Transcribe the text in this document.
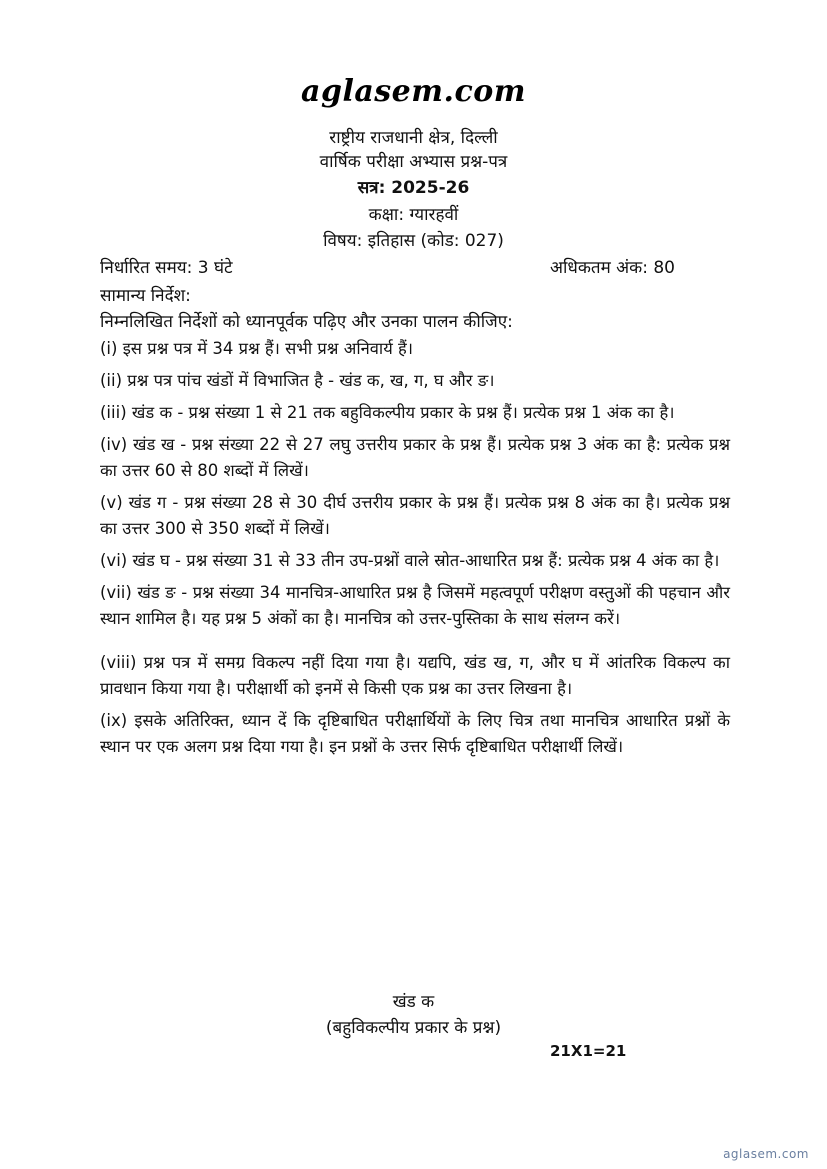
aglasem.com
राष्ट्रीय राजधानी क्षेत्र, दिल्ली
वार्षिक परीक्षा अभ्यास प्रश्न-पत्र
सत्र: 2025-26
कक्षा: ग्यारहवीं
विषय: इतिहास (कोड: 027)
निर्धारित समय: 3 घंटे	अधिकतम अंक: 80
सामान्य निर्देश:
निम्नलिखित निर्देशों को ध्यानपूर्वक पढ़िए और उनका पालन कीजिए:

(i) इस प्रश्न पत्र में 34 प्रश्न हैं। सभी प्रश्न अनिवार्य हैं।

(ii) प्रश्न पत्र पांच खंडों में विभाजित है - खंड क, ख, ग, घ और ङ।

(iii) खंड क - प्रश्न संख्या 1 से 21 तक बहुविकल्पीय प्रकार के प्रश्न हैं। प्रत्येक प्रश्न 1 अंक का है।

(iv) खंड ख - प्रश्न संख्या 22 से 27 लघु उत्तरीय प्रकार के प्रश्न हैं। प्रत्येक प्रश्न 3 अंक का है: प्रत्येक प्रश्न का उत्तर 60 से 80 शब्दों में लिखें।

(v) खंड ग - प्रश्न संख्या 28 से 30 दीर्घ उत्तरीय प्रकार के प्रश्न हैं। प्रत्येक प्रश्न 8 अंक का है। प्रत्येक प्रश्न का उत्तर 300 से 350 शब्दों में लिखें।

(vi) खंड घ - प्रश्न संख्या 31 से 33 तीन उप-प्रश्नों वाले स्रोत-आधारित प्रश्न हैं: प्रत्येक प्रश्न 4 अंक का है।

(vii) खंड ङ - प्रश्न संख्या 34 मानचित्र-आधारित प्रश्न है जिसमें महत्वपूर्ण परीक्षण वस्तुओं की पहचान और स्थान शामिल है। यह प्रश्न 5 अंकों का है। मानचित्र को उत्तर-पुस्तिका के साथ संलग्न करें।

(viii) प्रश्न पत्र में समग्र विकल्प नहीं दिया गया है। यद्यपि, खंड ख, ग, और घ में आंतरिक विकल्प का प्रावधान किया गया है। परीक्षार्थी को इनमें से किसी एक प्रश्न का उत्तर लिखना है।

(ix) इसके अतिरिक्त, ध्यान दें कि दृष्टिबाधित परीक्षार्थियों के लिए चित्र तथा मानचित्र आधारित प्रश्नों के स्थान पर एक अलग प्रश्न दिया गया है। इन प्रश्नों के उत्तर सिर्फ दृष्टिबाधित परीक्षार्थी लिखें।

खंड क
(बहुविकल्पीय प्रकार के प्रश्न)
21X1=21
aglasem.com
